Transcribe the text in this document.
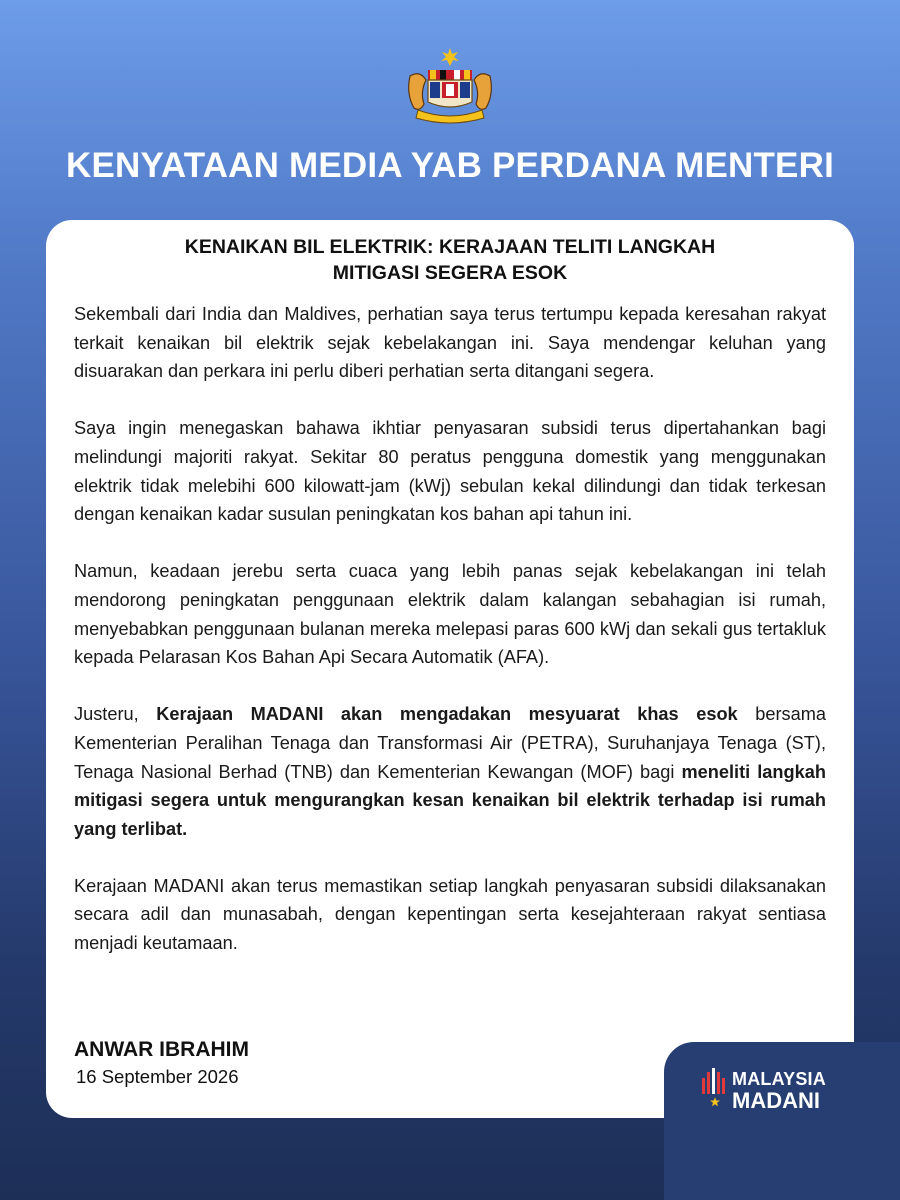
KENYATAAN MEDIA YAB PERDANA MENTERI
KENAIKAN BIL ELEKTRIK: KERAJAAN TELITI LANGKAH
MITIGASI SEGERA ESOK

Sekembali dari India dan Maldives, perhatian saya terus tertumpu kepada keresahan rakyat terkait kenaikan bil elektrik sejak kebelakangan ini. Saya mendengar keluhan yang disuarakan dan perkara ini perlu diberi perhatian serta ditangani segera.

Saya ingin menegaskan bahawa ikhtiar penyasaran subsidi terus dipertahankan bagi melindungi majoriti rakyat. Sekitar 80 peratus pengguna domestik yang menggunakan elektrik tidak melebihi 600 kilowatt-jam (kWj) sebulan kekal dilindungi dan tidak terkesan dengan kenaikan kadar susulan peningkatan kos bahan api tahun ini.

Namun, keadaan jerebu serta cuaca yang lebih panas sejak kebelakangan ini telah mendorong peningkatan penggunaan elektrik dalam kalangan sebahagian isi rumah, menyebabkan penggunaan bulanan mereka melepasi paras 600 kWj dan sekali gus tertakluk kepada Pelarasan Kos Bahan Api Secara Automatik (AFA).

Justeru, Kerajaan MADANI akan mengadakan mesyuarat khas esok bersama Kementerian Peralihan Tenaga dan Transformasi Air (PETRA), Suruhanjaya Tenaga (ST), Tenaga Nasional Berhad (TNB) dan Kementerian Kewangan (MOF) bagi meneliti langkah mitigasi segera untuk mengurangkan kesan kenaikan bil elektrik terhadap isi rumah yang terlibat.

Kerajaan MADANI akan terus memastikan setiap langkah penyasaran subsidi dilaksanakan secara adil dan munasabah, dengan kepentingan serta kesejahteraan rakyat sentiasa menjadi keutamaan.

ANWAR IBRAHIM
16 September 2026	MALAYSIA
MADANI
